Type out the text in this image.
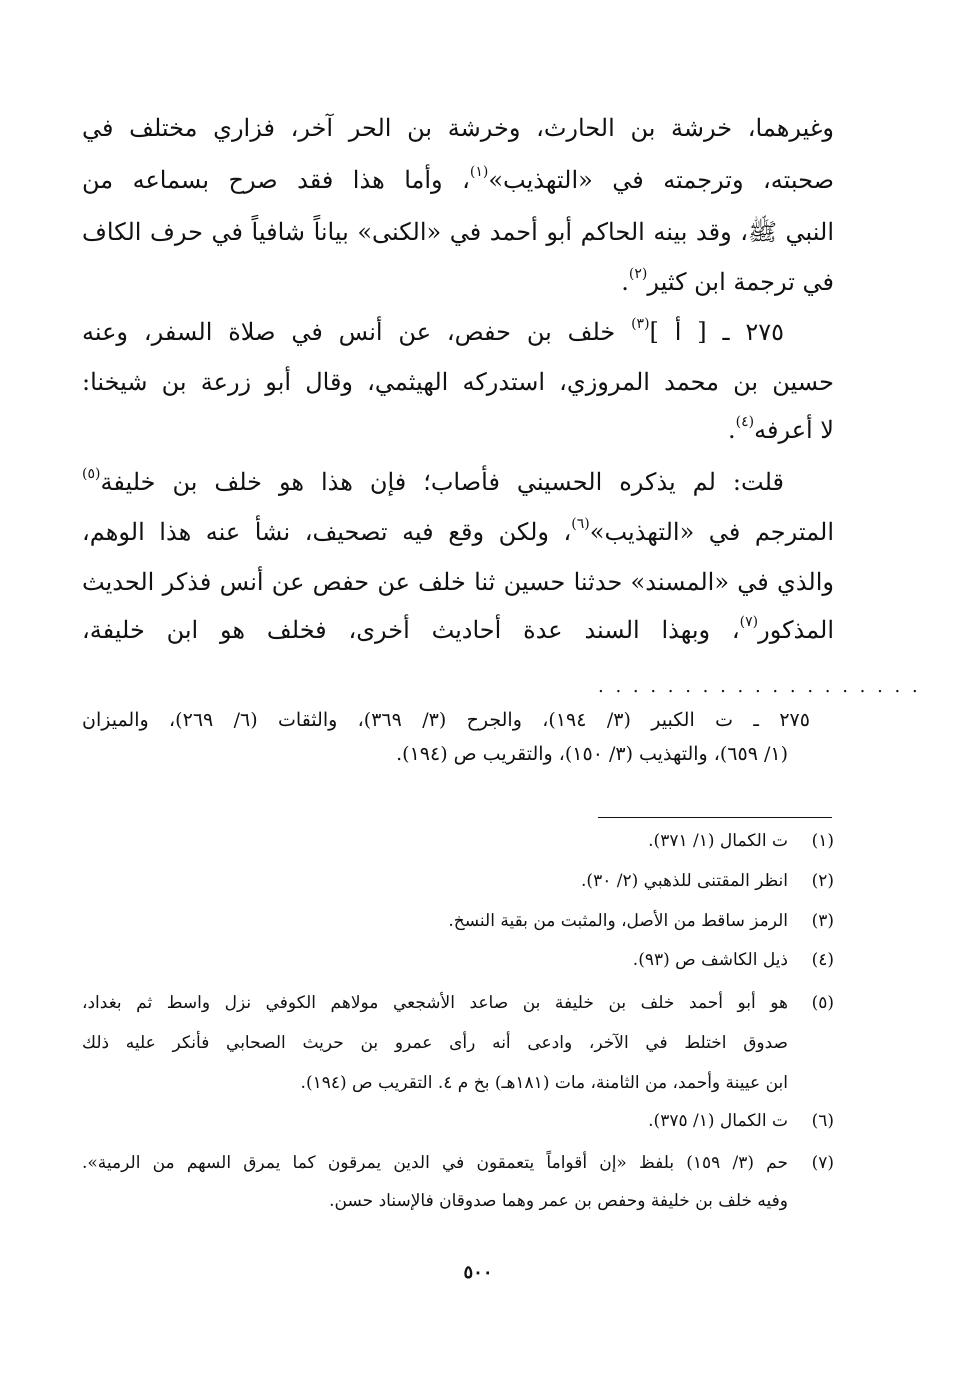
وغيرهما، خرشة بن الحارث، وخرشة بن الحر آخر، فزاري مختلف في
صحبته، وترجمته في «التهذيب»$^{(١)}$، وأما هذا فقد صرح بسماعه من
النبي ﷺ، وقد بينه الحاكم أبو أحمد في «الكنى» بياناً شافياً في حرف الكاف
في ترجمة ابن كثير$^{(٢)}$.
٢٧٥ ـ [ أ ]$^{(٣)}$ خلف بن حفص، عن أنس في صلاة السفر، وعنه
حسين بن محمد المروزي، استدركه الهيثمي، وقال أبو زرعة بن شيخنا:
لا أعرفه$^{(٤)}$.
قلت: لم يذكره الحسيني فأصاب؛ فإن هذا هو خلف بن خليفة$^{(٥)}$
المترجم في «التهذيب»$^{(٦)}$، ولكن وقع فيه تصحيف، نشأ عنه هذا الوهم،
والذي في «المسند» حدثنا حسين ثنا خلف عن حفص عن أنس فذكر الحديث
المذكور$^{(٧)}$، وبهذا السند عدة أحاديث أخرى، فخلف هو ابن خليفة،
. . . . . . . . . . . . . . . . . . .
٢٧٥ ـ ت الكبير (٣/ ١٩٤)، والجرح (٣/ ٣٦٩)، والثقات (٦/ ٢٦٩)، والميزان
(١/ ٦٥٩)، والتهذيب (٣/ ١٥٠)، والتقريب ص (١٩٤).
(١)
ت الكمال (١/ ٣٧١).
(٢)
انظر المقتنى للذهبي (٢/ ٣٠).
(٣)
الرمز ساقط من الأصل، والمثبت من بقية النسخ.
(٤)
ذيل الكاشف ص (٩٣).
(٥)
هو أبو أحمد خلف بن خليفة بن صاعد الأشجعي مولاهم الكوفي نزل واسط ثم بغداد،
صدوق اختلط في الآخر، وادعى أنه رأى عمرو بن حريث الصحابي فأنكر عليه ذلك
ابن عيينة وأحمد، من الثامنة، مات (١٨١هـ) بخ م ٤. التقريب ص (١٩٤).
(٦)
ت الكمال (١/ ٣٧٥).
(٧)
حم (٣/ ١٥٩) بلفظ «إن أقواماً يتعمقون في الدين يمرقون كما يمرق السهم من الرمية».
وفيه خلف بن خليفة وحفص بن عمر وهما صدوقان فالإسناد حسن.
٥٠٠
